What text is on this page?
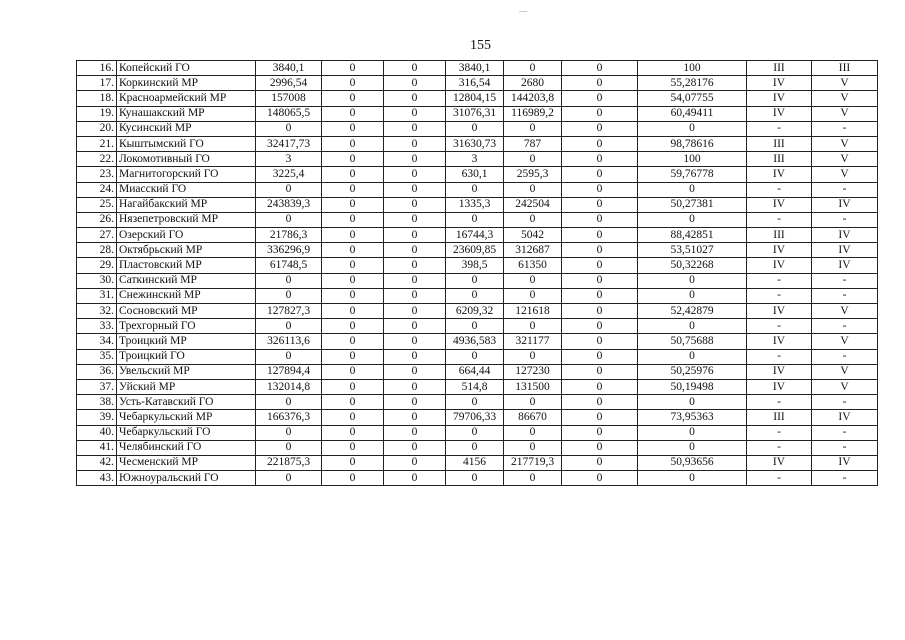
155
16.	Копейский ГО	3840,1	0	0	3840,1	0	0	100	III	III
17.	Коркинский МР	2996,54	0	0	316,54	2680	0	55,28176	IV	V
18.	Красноармейский МР	157008	0	0	12804,15	144203,8	0	54,07755	IV	V
19.	Кунашакский МР	148065,5	0	0	31076,31	116989,2	0	60,49411	IV	V
20.	Кусинский МР	0	0	0	0	0	0	0	-	-
21.	Кыштымский ГО	32417,73	0	0	31630,73	787	0	98,78616	III	V
22.	Локомотивный ГО	3	0	0	3	0	0	100	III	V
23.	Магнитогорский ГО	3225,4	0	0	630,1	2595,3	0	59,76778	IV	V
24.	Миасский ГО	0	0	0	0	0	0	0	-	-
25.	Нагайбакский МР	243839,3	0	0	1335,3	242504	0	50,27381	IV	IV
26.	Нязепетровский МР	0	0	0	0	0	0	0	-	-
27.	Озерский ГО	21786,3	0	0	16744,3	5042	0	88,42851	III	IV
28.	Октябрьский МР	336296,9	0	0	23609,85	312687	0	53,51027	IV	IV
29.	Пластовский МР	61748,5	0	0	398,5	61350	0	50,32268	IV	IV
30.	Саткинский МР	0	0	0	0	0	0	0	-	-
31.	Снежинский МР	0	0	0	0	0	0	0	-	-
32.	Сосновский МР	127827,3	0	0	6209,32	121618	0	52,42879	IV	V
33.	Трехгорный ГО	0	0	0	0	0	0	0	-	-
34.	Троицкий МР	326113,6	0	0	4936,583	321177	0	50,75688	IV	V
35.	Троицкий ГО	0	0	0	0	0	0	0	-	-
36.	Увельский МР	127894,4	0	0	664,44	127230	0	50,25976	IV	V
37.	Уйский МР	132014,8	0	0	514,8	131500	0	50,19498	IV	V
38.	Усть-Катавский ГО	0	0	0	0	0	0	0	-	-
39.	Чебаркульский МР	166376,3	0	0	79706,33	86670	0	73,95363	III	IV
40.	Чебаркульский ГО	0	0	0	0	0	0	0	-	-
41.	Челябинский ГО	0	0	0	0	0	0	0	-	-
42.	Чесменский МР	221875,3	0	0	4156	217719,3	0	50,93656	IV	IV
43.	Южноуральский ГО	0	0	0	0	0	0	0	-	-
